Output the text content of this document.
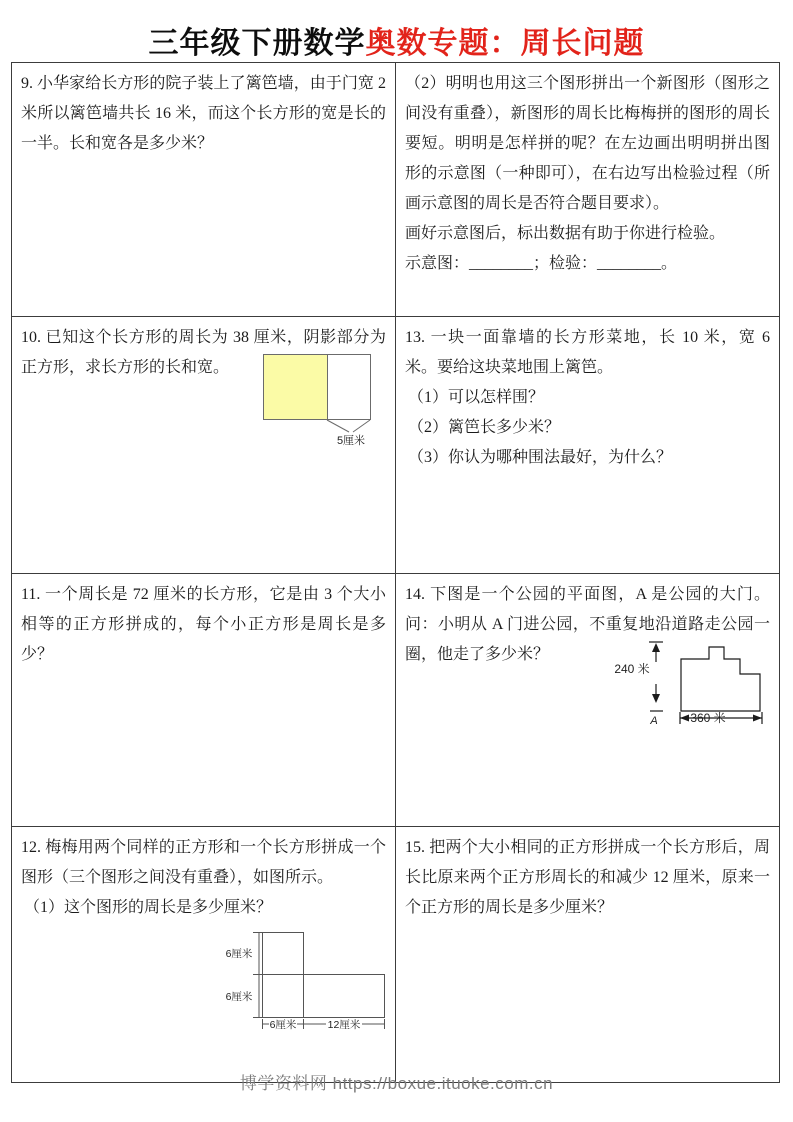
三年级下册数学奥数专题：周长问题

9. 小华家给长方形的院子装上了篱笆墙，由于门宽 2 米所以篱笆墙共长 16 米，而这个长方形的宽是长的一半。长和宽各是多少米？

（2）明明也用这三个图形拼出一个新图形（图形之间没有重叠），新图形的周长比梅梅拼的图形的周长要短。明明是怎样拼的呢？在左边画出明明拼出图形的示意图（一种即可），在右边写出检验过程（所画示意图的周长是否符合题目要求）。

画好示意图后，标出数据有助于你进行检验。

示意图：________；检验：________。

10. 已知这个长方形的周长为 38 厘米，阴影部分为正方形，求长方形的长和宽。

5厘米

13. 一块一面靠墙的长方形菜地，长 10 米，宽 6 米。要给这块菜地围上篱笆。

（1）可以怎样围？

（2）篱笆长多少米？

（3）你认为哪种围法最好，为什么？

11. 一个周长是 72 厘米的长方形，它是由 3 个大小相等的正方形拼成的，每个小正方形是周长是多少？

14. 下图是一个公园的平面图，A 是公园的大门。问：小明从 A 门进公园，不重复地沿道路走公园一圈，他走了多少米？

240 米
A	360 米

12. 梅梅用两个同样的正方形和一个长方形拼成一个图形（三个图形之间没有重叠），如图所示。

（1）这个图形的周长是多少厘米？

6厘米
6厘米
6厘米	12厘米

15. 把两个大小相同的正方形拼成一个长方形后，周长比原来两个正方形周长的和减少 12 厘米，原来一个正方形的周长是多少厘米？

博学资料网 https://boxue.ituoke.com.cn
